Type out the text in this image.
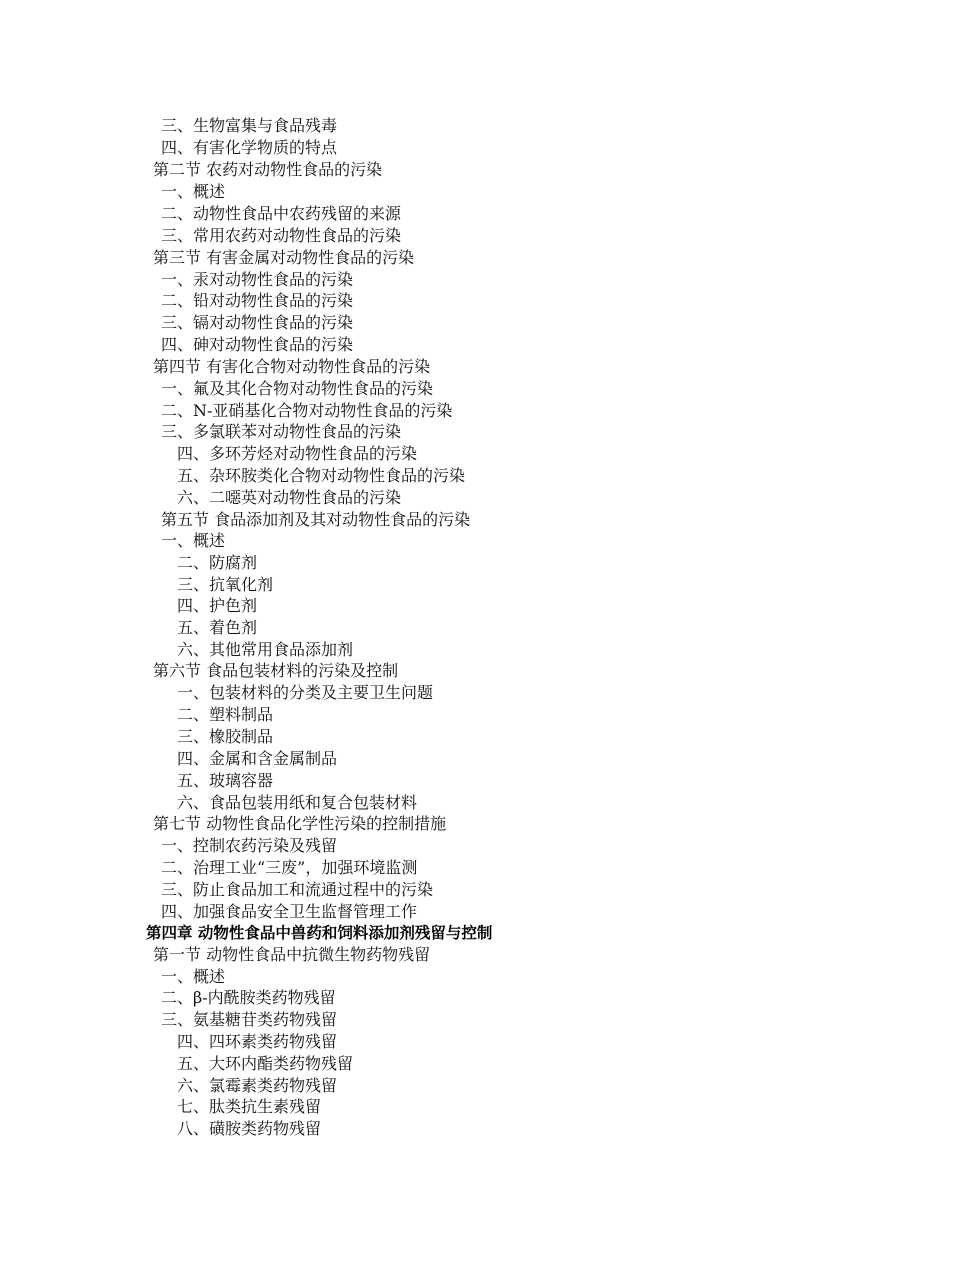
三、生物富集与食品残毒
四、有害化学物质的特点
第二节 农药对动物性食品的污染
一、概述
二、动物性食品中农药残留的来源
三、常用农药对动物性食品的污染
第三节 有害金属对动物性食品的污染
一、汞对动物性食品的污染
二、铅对动物性食品的污染
三、镉对动物性食品的污染
四、砷对动物性食品的污染
第四节 有害化合物对动物性食品的污染
一、氟及其化合物对动物性食品的污染
二、N-亚硝基化合物对动物性食品的污染
三、多氯联苯对动物性食品的污染
四、多环芳烃对动物性食品的污染
五、杂环胺类化合物对动物性食品的污染
六、二噁英对动物性食品的污染
第五节 食品添加剂及其对动物性食品的污染
一、概述
二、防腐剂
三、抗氧化剂
四、护色剂
五、着色剂
六、其他常用食品添加剂
第六节 食品包装材料的污染及控制
一、包装材料的分类及主要卫生问题
二、塑料制品
三、橡胶制品
四、金属和含金属制品
五、玻璃容器
六、食品包装用纸和复合包装材料
第七节 动物性食品化学性污染的控制措施
一、控制农药污染及残留
二、治理工业“三废”，加强环境监测
三、防止食品加工和流通过程中的污染
四、加强食品安全卫生监督管理工作
第四章 动物性食品中兽药和饲料添加剂残留与控制
第一节 动物性食品中抗微生物药物残留
一、概述
二、β-内酰胺类药物残留
三、氨基糖苷类药物残留
四、四环素类药物残留
五、大环内酯类药物残留
六、氯霉素类药物残留
七、肽类抗生素残留
八、磺胺类药物残留
